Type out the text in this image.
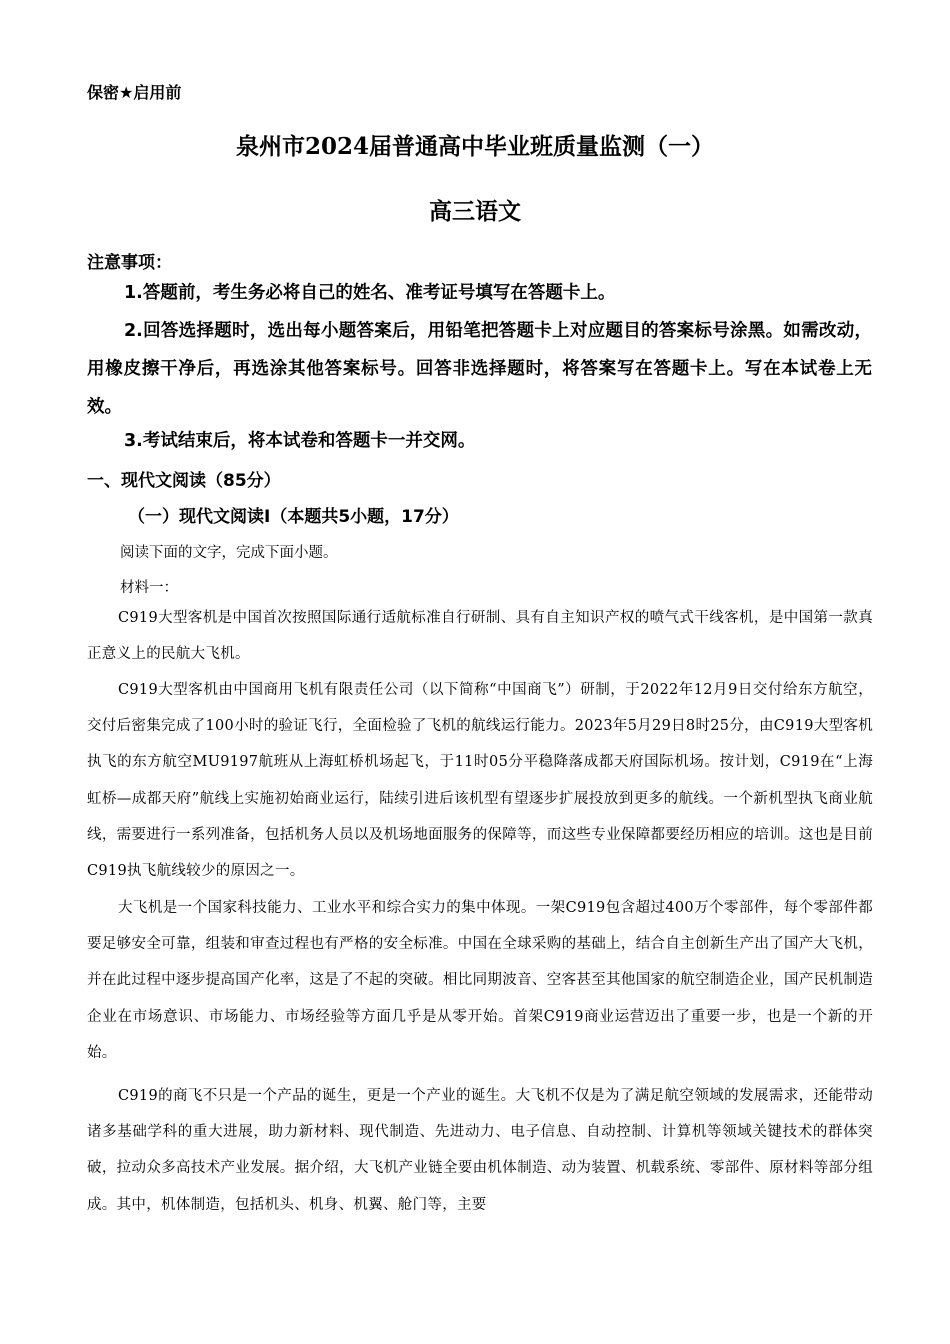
保密★启用前
泉州市2024届普通高中毕业班质量监测（一）
高三语文
注意事项：

1.答题前，考生务必将自己的姓名、准考证号填写在答题卡上。

2.回答选择题时，选出每小题答案后，用铅笔把答题卡上对应题目的答案标号涂黑。如需改动，用橡皮擦干净后，再选涂其他答案标号。回答非选择题时，将答案写在答题卡上。写在本试卷上无效。

3.考试结束后，将本试卷和答题卡一并交网。

一、现代文阅读（85分）
（一）现代文阅读I（本题共5小题，17分）
阅读下面的文字，完成下面小题。
材料一：

C919大型客机是中国首次按照国际通行适航标准自行研制、具有自主知识产权的喷气式干线客机，是中国第一款真正意义上的民航大飞机。

C919大型客机由中国商用飞机有限责任公司（以下简称“中国商飞”）研制，于2022年12月9日交付给东方航空，交付后密集完成了100小时的验证飞行，全面检验了飞机的航线运行能力。2023年5月29日8时25分，由C919大型客机执飞的东方航空MU9197航班从上海虹桥机场起飞，于11时05分平稳降落成都天府国际机场。按计划，C919在“上海虹桥—成都天府”航线上实施初始商业运行，陆续引进后该机型有望逐步扩展投放到更多的航线。一个新机型执飞商业航线，需要进行一系列准备，包括机务人员以及机场地面服务的保障等，而这些专业保障都要经历相应的培训。这也是目前C919执飞航线较少的原因之一。

大飞机是一个国家科技能力、工业水平和综合实力的集中体现。一架C919包含超过400万个零部件，每个零部件都要足够安全可靠，组装和审查过程也有严格的安全标准。中国在全球采购的基础上，结合自主创新生产出了国产大飞机，并在此过程中逐步提高国产化率，这是了不起的突破。相比同期波音、空客甚至其他国家的航空制造企业，国产民机制造企业在市场意识、市场能力、市场经验等方面几乎是从零开始。首架C919商业运营迈出了重要一步，也是一个新的开始。

C919的商飞不只是一个产品的诞生，更是一个产业的诞生。大飞机不仅是为了满足航空领域的发展需求，还能带动诸多基础学科的重大进展，助力新材料、现代制造、先进动力、电子信息、自动控制、计算机等领域关键技术的群体突破，拉动众多高技术产业发展。据介绍，大飞机产业链全要由机体制造、动为装置、机载系统、零部件、原材料等部分组成。其中，机体制造，包括机头、机身、机翼、舱门等，主要
